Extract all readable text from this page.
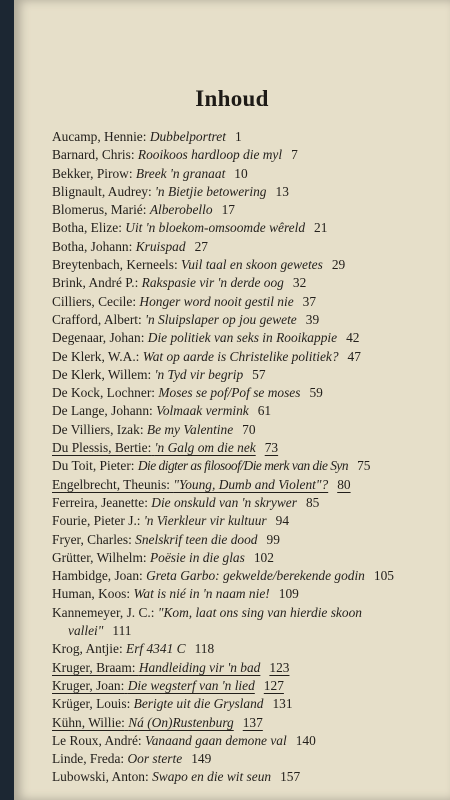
Inhoud
Aucamp, Hennie: Dubbelportret 1
Barnard, Chris: Rooikoos hardloop die myl 7
Bekker, Pirow: Breek 'n granaat 10
Blignault, Audrey: 'n Bietjie betowering 13
Blomerus, Marié: Alberobello 17
Botha, Elize: Uit 'n bloekom-omsoomde wêreld 21
Botha, Johann: Kruispad 27
Breytenbach, Kerneels: Vuil taal en skoon gewetes 29
Brink, André P.: Rakspasie vir 'n derde oog 32
Cilliers, Cecile: Honger word nooit gestil nie 37
Crafford, Albert: 'n Sluipslaper op jou gewete 39
Degenaar, Johan: Die politiek van seks in Rooikappie 42
De Klerk, W.A.: Wat op aarde is Christelike politiek? 47
De Klerk, Willem: 'n Tyd vir begrip 57
De Kock, Lochner: Moses se pof/Pof se moses 59
De Lange, Johann: Volmaak vermink 61
De Villiers, Izak: Be my Valentine 70
Du Plessis, Bertie: 'n Galg om die nek 73
Du Toit, Pieter: Die digter as filosoof/Die merk van die Syn 75
Engelbrecht, Theunis: "Young, Dumb and Violent"? 80
Ferreira, Jeanette: Die onskuld van 'n skrywer 85
Fourie, Pieter J.: 'n Vierkleur vir kultuur 94
Fryer, Charles: Snelskrif teen die dood 99
Grütter, Wilhelm: Poësie in die glas 102
Hambidge, Joan: Greta Garbo: gekwelde/berekende godin 105
Human, Koos: Wat is nié in 'n naam nie! 109
Kannemeyer, J. C.: "Kom, laat ons sing van hierdie skoon
vallei" 111
Krog, Antjie: Erf 4341 C 118
Kruger, Braam: Handleiding vir 'n bad 123
Kruger, Joan: Die wegsterf van 'n lied 127
Krüger, Louis: Berigte uit die Grysland 131
Kühn, Willie: Ná (On)Rustenburg 137
Le Roux, André: Vanaand gaan demone val 140
Linde, Freda: Oor sterte 149
Lubowski, Anton: Swapo en die wit seun 157
